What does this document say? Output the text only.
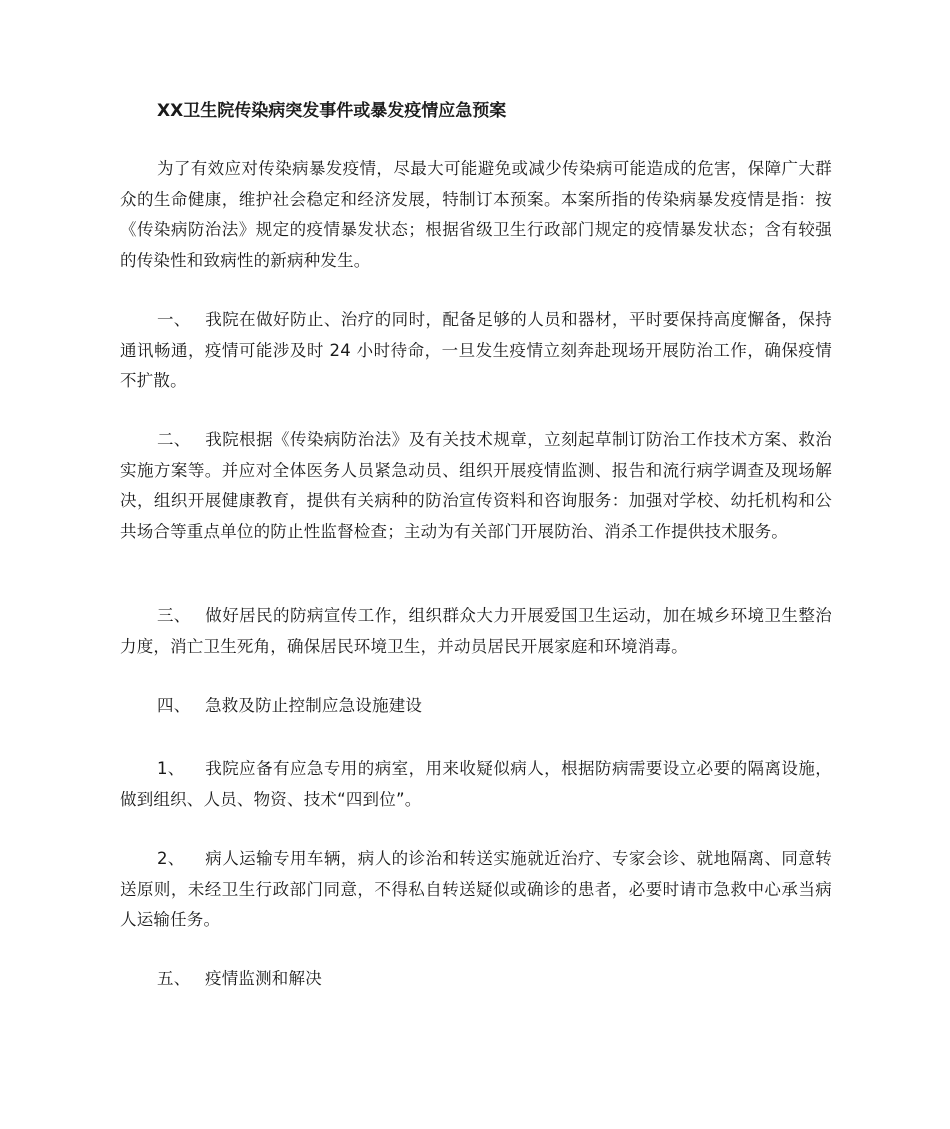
XX卫生院传染病突发事件或暴发疫情应急预案
为了有效应对传染病暴发疫情，尽最大可能避免或减少传染病可能造成的危害，保障广大群众的生命健康，维护社会稳定和经济发展，特制订本预案。本案所指的传染病暴发疫情是指：按《传染病防治法》规定的疫情暴发状态；根据省级卫生行政部门规定的疫情暴发状态；含有较强的传染性和致病性的新病种发生。
一、 我院在做好防止、治疗的同时，配备足够的人员和器材，平时要保持高度懈备，保持通讯畅通，疫情可能涉及时 24 小时待命，一旦发生疫情立刻奔赴现场开展防治工作，确保疫情不扩散。
二、 我院根据《传染病防治法》及有关技术规章，立刻起草制订防治工作技术方案、救治实施方案等。并应对全体医务人员紧急动员、组织开展疫情监测、报告和流行病学调查及现场解决，组织开展健康教育，提供有关病种的防治宣传资料和咨询服务：加强对学校、幼托机构和公共场合等重点单位的防止性监督检查；主动为有关部门开展防治、消杀工作提供技术服务。
三、 做好居民的防病宣传工作，组织群众大力开展爱国卫生运动，加在城乡环境卫生整治力度，消亡卫生死角，确保居民环境卫生，并动员居民开展家庭和环境消毒。
四、 急救及防止控制应急设施建设
1、 我院应备有应急专用的病室，用来收疑似病人，根据防病需要设立必要的隔离设施，做到组织、人员、物资、技术“四到位”。
2、 病人运输专用车辆，病人的诊治和转送实施就近治疗、专家会诊、就地隔离、同意转送原则，未经卫生行政部门同意，不得私自转送疑似或确诊的患者，必要时请市急救中心承当病人运输任务。
五、 疫情监测和解决
